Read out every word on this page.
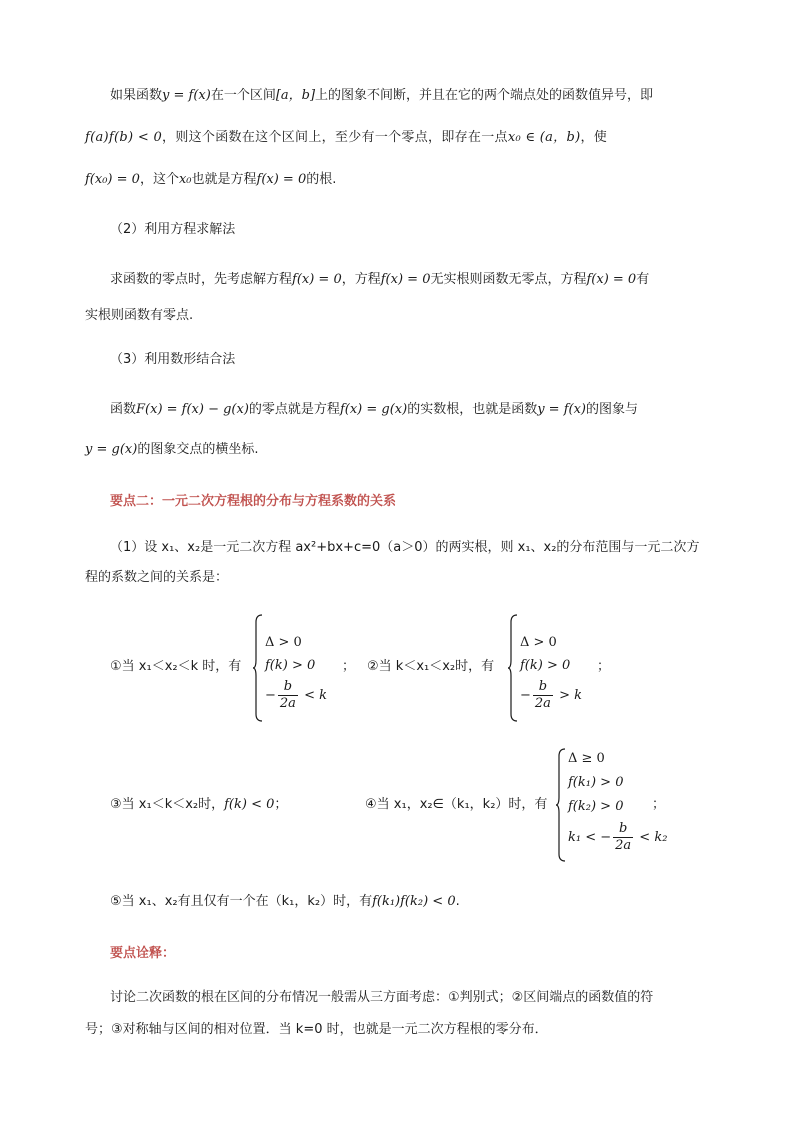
如果函数y = f(x)在一个区间[a，b]上的图象不间断，并且在它的两个端点处的函数值异号，即
f(a)f(b) < 0，则这个函数在这个区间上，至少有一个零点，即存在一点x₀ ∈ (a，b)，使
f(x₀) = 0，这个x₀也就是方程f(x) = 0的根.
（2）利用方程求解法
求函数的零点时，先考虑解方程f(x) = 0，方程f(x) = 0无实根则函数无零点，方程f(x) = 0有
实根则函数有零点.
（3）利用数形结合法
函数F(x) = f(x) − g(x)的零点就是方程f(x) = g(x)的实数根，也就是函数y = f(x)的图象与
y = g(x)的图象交点的横坐标.
要点二：一元二次方程根的分布与方程系数的关系
（1）设 x₁、x₂是一元二次方程 ax²+bx+c=0（a＞0）的两实根，则 x₁、x₂的分布范围与一元二次方
程的系数之间的关系是：
①当 x₁＜x₂＜k 时，有
Δ > 0
f(k) > 0
− $\frac{b}{2a} < k$
； ②当 k＜x₁＜x₂时，有
Δ > 0
f(k) > 0
− $\frac{b}{2a} > k$
；
③当 x₁＜k＜x₂时，f(k) < 0；	④当 x₁，x₂∈（k₁，k₂）时，有
Δ ≥ 0
f(k₁) > 0
f(k₂) > 0
k₁ < − $\frac{b}{2a} < k_2$
；
⑤当 x₁、x₂有且仅有一个在（k₁，k₂）时，有f(k₁)f(k₂) < 0.
要点诠释：
讨论二次函数的根在区间的分布情况一般需从三方面考虑：①判别式；②区间端点的函数值的符
号；③对称轴与区间的相对位置．当 k=0 时，也就是一元二次方程根的零分布．
